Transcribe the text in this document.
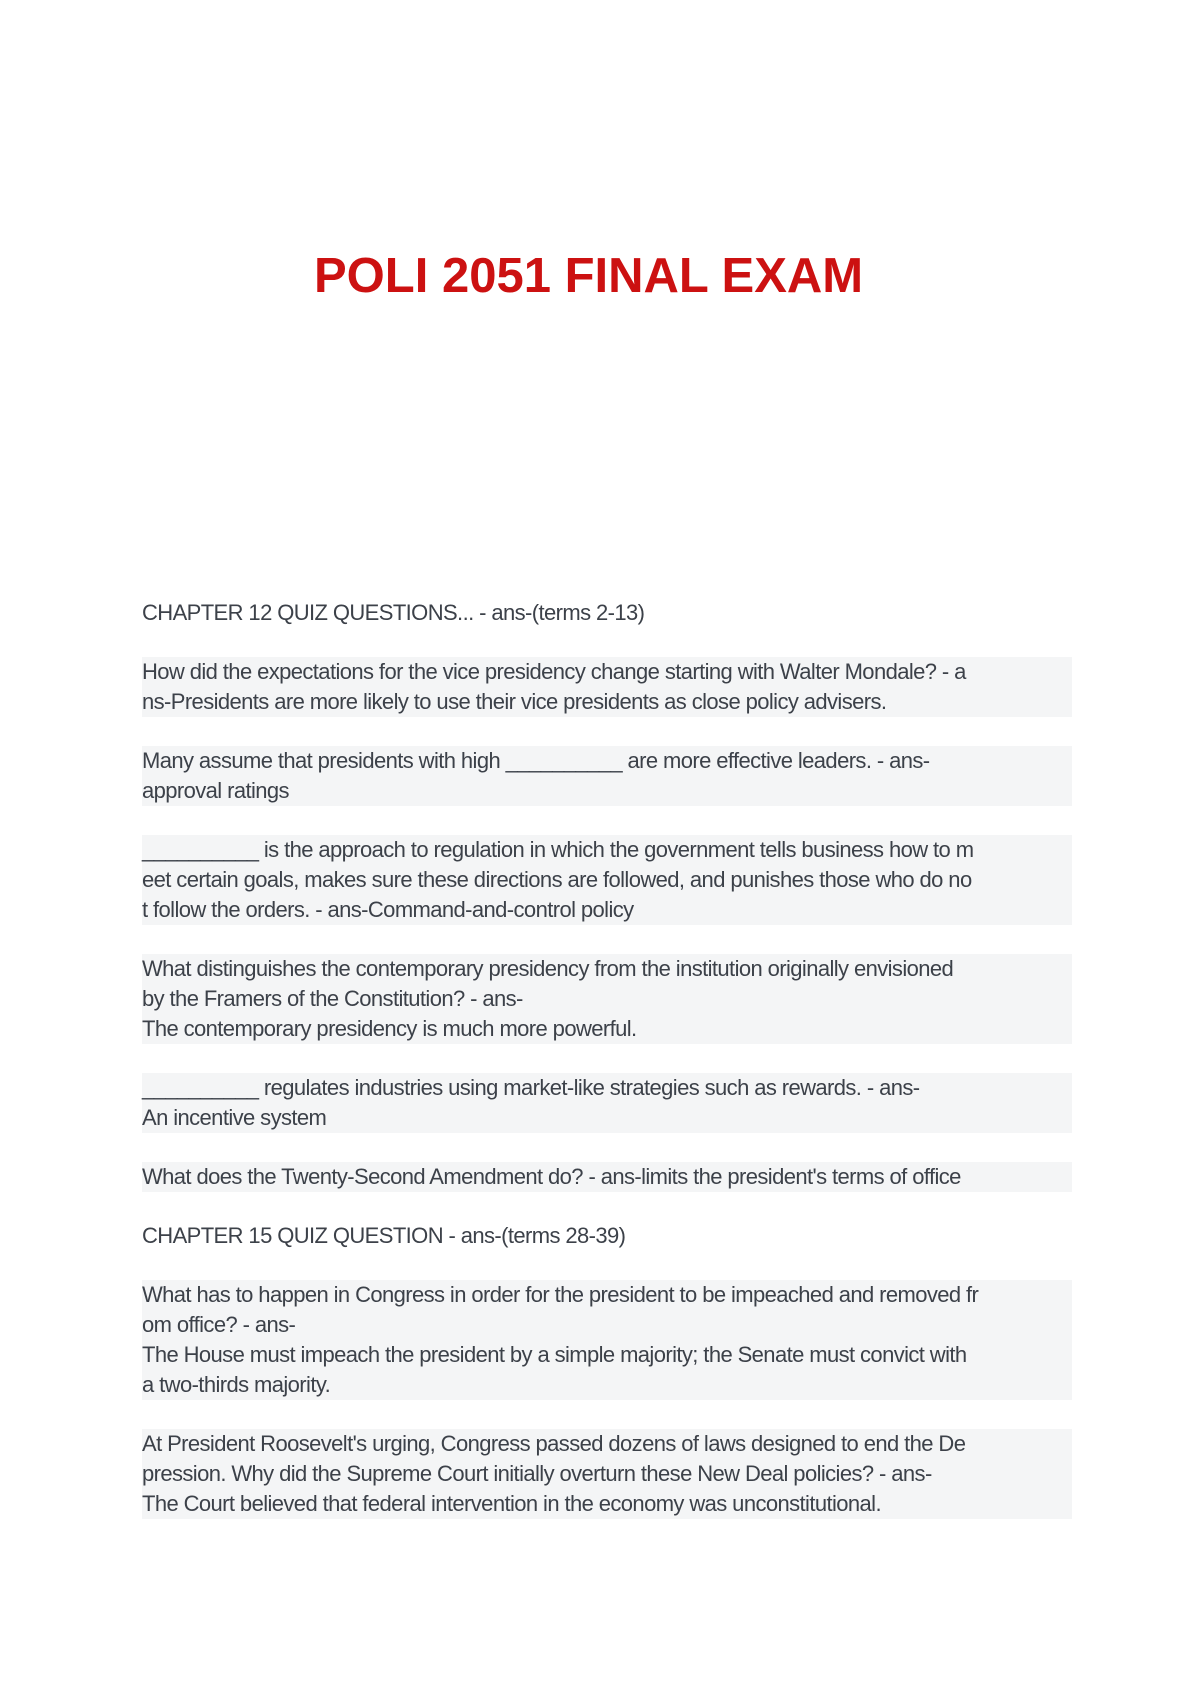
POLI 2051 FINAL EXAM

CHAPTER 12 QUIZ QUESTIONS... - ans-(terms 2-13)

How did the expectations for the vice presidency change starting with Walter Mondale? - a
ns-Presidents are more likely to use their vice presidents as close policy advisers.

Many assume that presidents with high __________ are more effective leaders. - ans-
approval ratings

__________ is the approach to regulation in which the government tells business how to m
eet certain goals, makes sure these directions are followed, and punishes those who do no
t follow the orders. - ans-Command-and-control policy

What distinguishes the contemporary presidency from the institution originally envisioned
by the Framers of the Constitution? - ans-
The contemporary presidency is much more powerful.

__________ regulates industries using market-like strategies such as rewards. - ans-
An incentive system

What does the Twenty-Second Amendment do? - ans-limits the president's terms of office

CHAPTER 15 QUIZ QUESTION - ans-(terms 28-39)

What has to happen in Congress in order for the president to be impeached and removed fr
om office? - ans-
The House must impeach the president by a simple majority; the Senate must convict with
a two-thirds majority.

At President Roosevelt's urging, Congress passed dozens of laws designed to end the De
pression. Why did the Supreme Court initially overturn these New Deal policies? - ans-
The Court believed that federal intervention in the economy was unconstitutional.
